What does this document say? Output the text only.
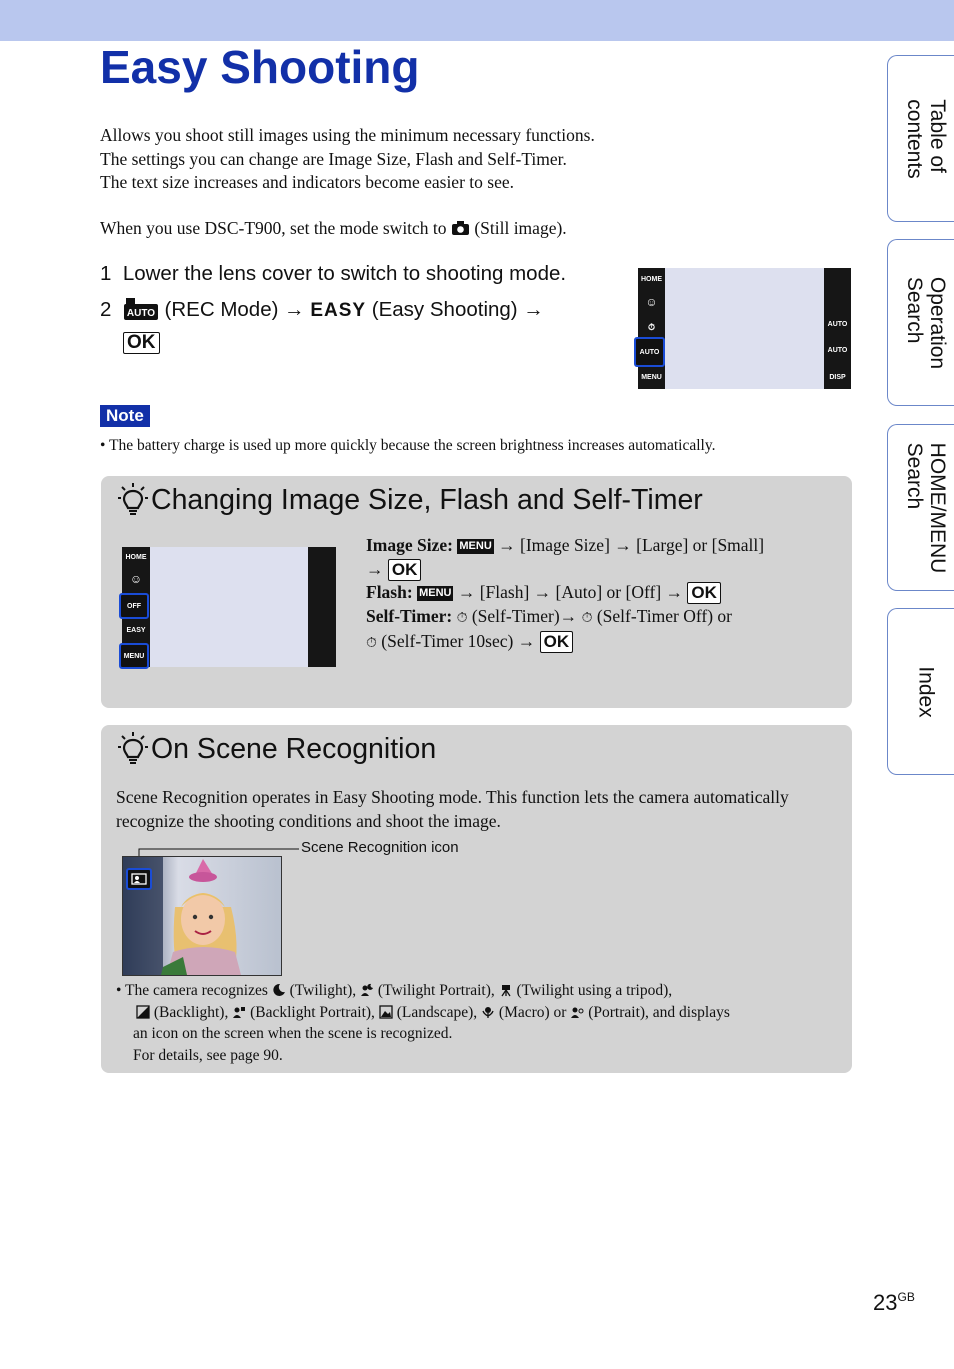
Easy Shooting

Allows you shoot still images using the minimum necessary functions.

The settings you can change are Image Size, Flash and Self-Timer.

The text size increases and indicators become easier to see.

When you use DSC-T900, set the mode switch to (Still image).
1 Lower the lens cover to switch to shooting mode.
2 AUTO (REC Mode) → EASY (Easy Shooting) →
OK
HOME
☺
⏱
AUTO
MENU
AUTO
AUTO
DISP
Note
• The battery charge is used up more quickly because the screen brightness increases automatically.
Changing Image Size, Flash and Self-Timer
HOME
☺
OFF
EASY
MENU
Image Size: MENU → [Image Size] → [Large] or [Small]
→ OK
Flash: MENU → [Flash] → [Auto] or [Off] → OK
Self-Timer: ⏱ (Self-Timer)→ ⏱ (Self-Timer Off) or
⏱ (Self-Timer 10sec) → OK
On Scene Recognition
Scene Recognition operates in Easy Shooting mode. This function lets the camera automatically recognize the shooting conditions and shoot the image.
Scene Recognition icon
• The camera recognizes (Twilight), (Twilight Portrait), (Twilight using a tripod),
(Backlight), (Backlight Portrait), (Landscape), (Macro) or (Portrait), and displays
an icon on the screen when the scene is recognized.
For details, see page 90.
Table of
contents
Operation
Search
HOME/MENU
Search
Index
$23^{GB}$
